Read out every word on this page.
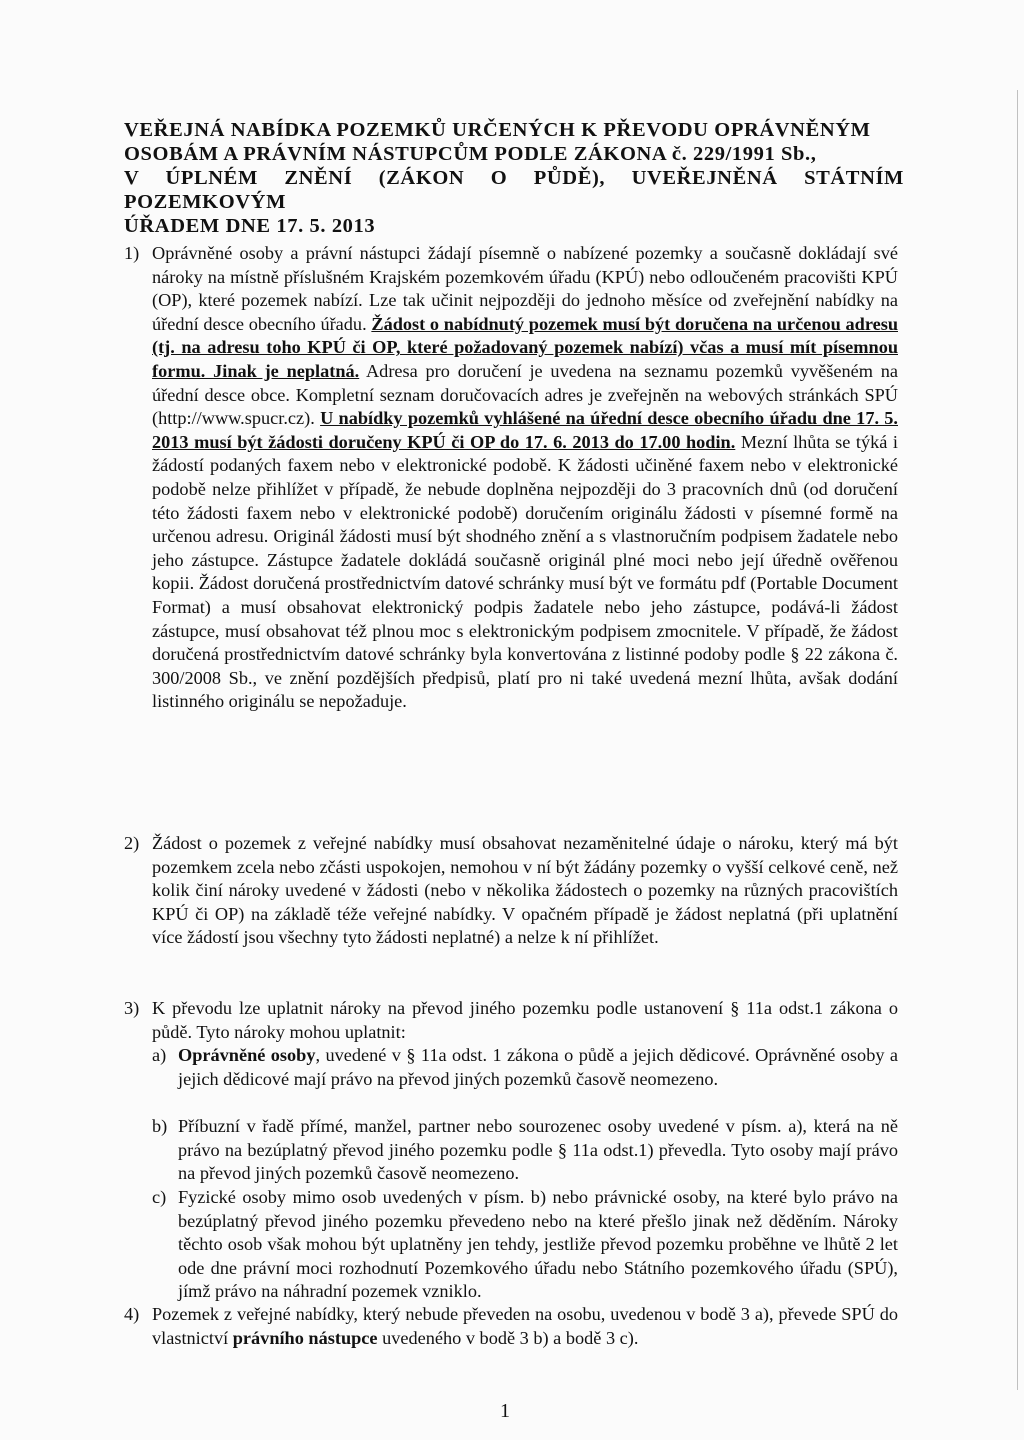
VEŘEJNÁ NABÍDKA POZEMKŮ URČENÝCH K PŘEVODU OPRÁVNĚNÝM
OSOBÁM A PRÁVNÍM NÁSTUPCŮM PODLE ZÁKONA č. 229/1991 Sb.,
V ÚPLNÉM ZNĚNÍ (ZÁKON O PŮDĚ), UVEŘEJNĚNÁ STÁTNÍM POZEMKOVÝM
ÚŘADEM DNE 17. 5. 2013
1) Oprávněné osoby a právní nástupci žádají písemně o nabízené pozemky a současně dokládají své nároky na místně příslušném Krajském pozemkovém úřadu (KPÚ) nebo odloučeném pracovišti KPÚ (OP), které pozemek nabízí. Lze tak učinit nejpozději do jednoho měsíce od zveřejnění nabídky na úřední desce obecního úřadu. Žádost o nabídnutý pozemek musí být doručena na určenou adresu (tj. na adresu toho KPÚ či OP, které požadovaný pozemek nabízí) včas a musí mít písemnou formu. Jinak je neplatná. Adresa pro doručení je uvedena na seznamu pozemků vyvěšeném na úřední desce obce. Kompletní seznam doručovacích adres je zveřejněn na webových stránkách SPÚ (http://www.spucr.cz). U nabídky pozemků vyhlášené na úřední desce obecního úřadu dne 17. 5. 2013 musí být žádosti doručeny KPÚ či OP do 17. 6. 2013 do 17.00 hodin. Mezní lhůta se týká i žádostí podaných faxem nebo v elektronické podobě. K žádosti učiněné faxem nebo v elektronické podobě nelze přihlížet v případě, že nebude doplněna nejpozději do 3 pracovních dnů (od doručení této žádosti faxem nebo v elektronické podobě) doručením originálu žádosti v písemné formě na určenou adresu. Originál žádosti musí být shodného znění a s vlastnoručním podpisem žadatele nebo jeho zástupce. Zástupce žadatele dokládá současně originál plné moci nebo její úředně ověřenou kopii. Žádost doručená prostřednictvím datové schránky musí být ve formátu pdf (Portable Document Format) a musí obsahovat elektronický podpis žadatele nebo jeho zástupce, podává-li žádost zástupce, musí obsahovat též plnou moc s elektronickým podpisem zmocnitele. V případě, že žádost doručená prostřednictvím datové schránky byla konvertována z listinné podoby podle § 22 zákona č. 300/2008 Sb., ve znění pozdějších předpisů, platí pro ni také uvedená mezní lhůta, avšak dodání listinného originálu se nepožaduje.
2) Žádost o pozemek z veřejné nabídky musí obsahovat nezaměnitelné údaje o nároku, který má být pozemkem zcela nebo zčásti uspokojen, nemohou v ní být žádány pozemky o vyšší celkové ceně, než kolik činí nároky uvedené v žádosti (nebo v několika žádostech o pozemky na různých pracovištích KPÚ či OP) na základě téže veřejné nabídky. V opačném případě je žádost neplatná (při uplatnění více žádostí jsou všechny tyto žádosti neplatné) a nelze k ní přihlížet.
3) K převodu lze uplatnit nároky na převod jiného pozemku podle ustanovení § 11a odst.1 zákona o půdě. Tyto nároky mohou uplatnit:
a) Oprávněné osoby, uvedené v § 11a odst. 1 zákona o půdě a jejich dědicové. Oprávněné osoby a jejich dědicové mají právo na převod jiných pozemků časově neomezeno.
b) Příbuzní v řadě přímé, manžel, partner nebo sourozenec osoby uvedené v písm. a), která na ně právo na bezúplatný převod jiného pozemku podle § 11a odst.1) převedla. Tyto osoby mají právo na převod jiných pozemků časově neomezeno.
c) Fyzické osoby mimo osob uvedených v písm. b) nebo právnické osoby, na které bylo právo na bezúplatný převod jiného pozemku převedeno nebo na které přešlo jinak než děděním. Nároky těchto osob však mohou být uplatněny jen tehdy, jestliže převod pozemku proběhne ve lhůtě 2 let ode dne právní moci rozhodnutí Pozemkového úřadu nebo Státního pozemkového úřadu (SPÚ), jímž právo na náhradní pozemek vzniklo.
4) Pozemek z veřejné nabídky, který nebude převeden na osobu, uvedenou v bodě 3 a), převede SPÚ do vlastnictví právního nástupce uvedeného v bodě 3 b) a bodě 3 c).
1
